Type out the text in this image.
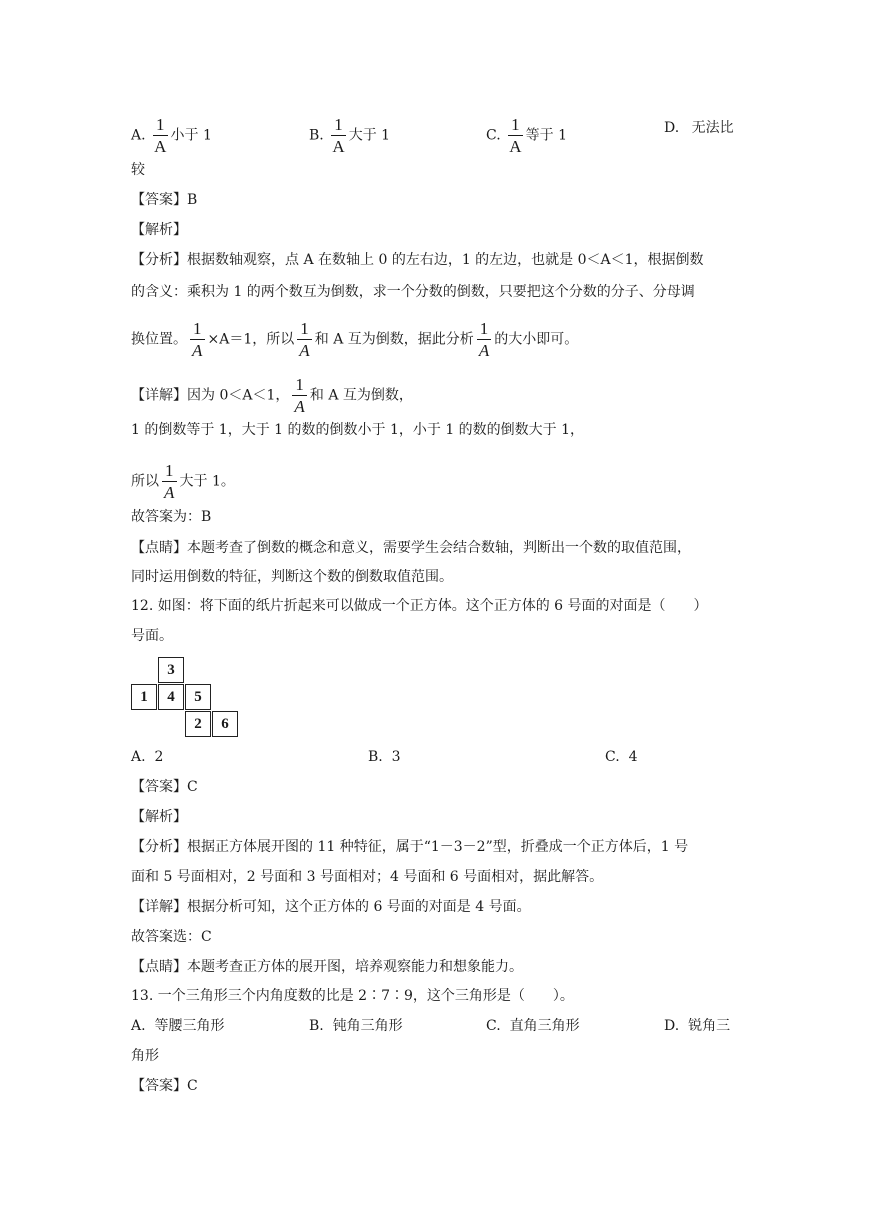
A. $\frac{1}{A}$ 小于 1	B. $\frac{1}{A}$ 大于 1	C. $\frac{1}{A}$ 等于 1	D. 无法比
较
【答案】B
【解析】
【分析】根据数轴观察，点 A 在数轴上 0 的左右边，1 的左边，也就是 0＜A＜1，根据倒数
的含义：乘积为 1 的两个数互为倒数，求一个分数的倒数，只要把这个分数的分子、分母调
换位置。 $\frac{1}{A} \times A=1$，所以 $\frac{1}{A}$ 和 A 互为倒数，据此分析 $\frac{1}{A}$ 的大小即可。
【详解】因为 0＜A＜1， $\frac{1}{A}$ 和 A 互为倒数，
1 的倒数等于 1，大于 1 的数的倒数小于 1，小于 1 的数的倒数大于 1，
所以 $\frac{1}{A}$ 大于 1。
故答案为：B
【点睛】本题考查了倒数的概念和意义，需要学生会结合数轴，判断出一个数的取值范围，
同时运用倒数的特征，判断这个数的倒数取值范围。
12. 如图：将下面的纸片折起来可以做成一个正方体。这个正方体的 6 号面的对面是（　　）
号面。
3
1	4	5
2	6
A. 2	B. 3	C. 4
【答案】C
【解析】
【分析】根据正方体展开图的 11 种特征，属于“1－3－2”型，折叠成一个正方体后，1 号
面和 5 号面相对，2 号面和 3 号面相对；4 号面和 6 号面相对，据此解答。
【详解】根据分析可知，这个正方体的 6 号面的对面是 4 号面。
故答案选：C
【点睛】本题考查正方体的展开图，培养观察能力和想象能力。
13. 一个三角形三个内角度数的比是 2∶7∶9，这个三角形是（　　）。
A. 等腰三角形	B. 钝角三角形	C. 直角三角形	D. 锐角三
角形
【答案】C
